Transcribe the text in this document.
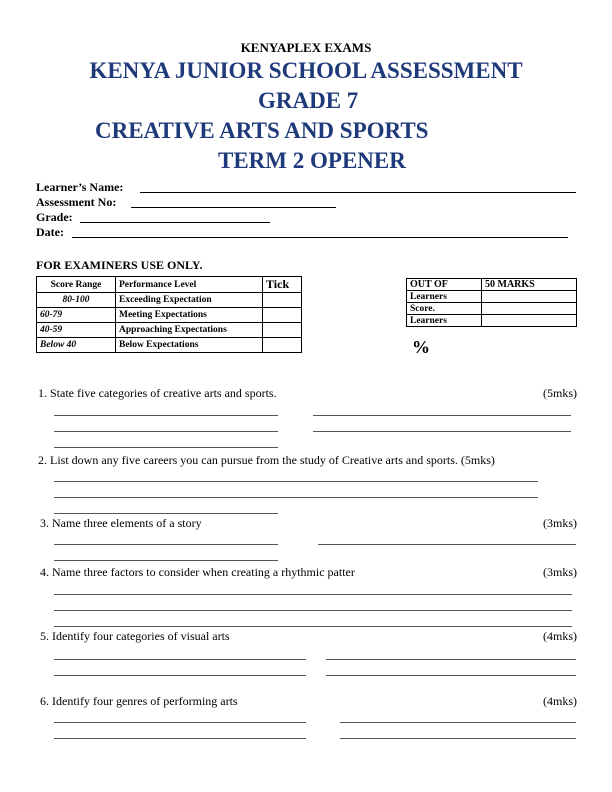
KENYAPLEX EXAMS
KENYA JUNIOR SCHOOL ASSESSMENT
GRADE 7
CREATIVE ARTS AND SPORTS
TERM 2 OPENER
Learner’s Name:
Assessment No:
Grade:
Date:
FOR EXAMINERS USE ONLY.
Score Range	Performance Level	Tick
80-100	Exceeding Expectation	
60-79	Meeting Expectations	
40-59	Approaching Expectations	
Below 40	Below Expectations	
OUT OF	50 MARKS
Learners	
Score.	
Learners	
%
1. State five categories of creative arts and sports.	(5mks)
2. List down any five careers you can pursue from the study of Creative arts and sports. (5mks)
3. Name three elements of a story	(3mks)
4. Name three factors to consider when creating a rhythmic patter	(3mks)
5. Identify four categories of visual arts	(4mks)
6. Identify four genres of performing arts	(4mks)
